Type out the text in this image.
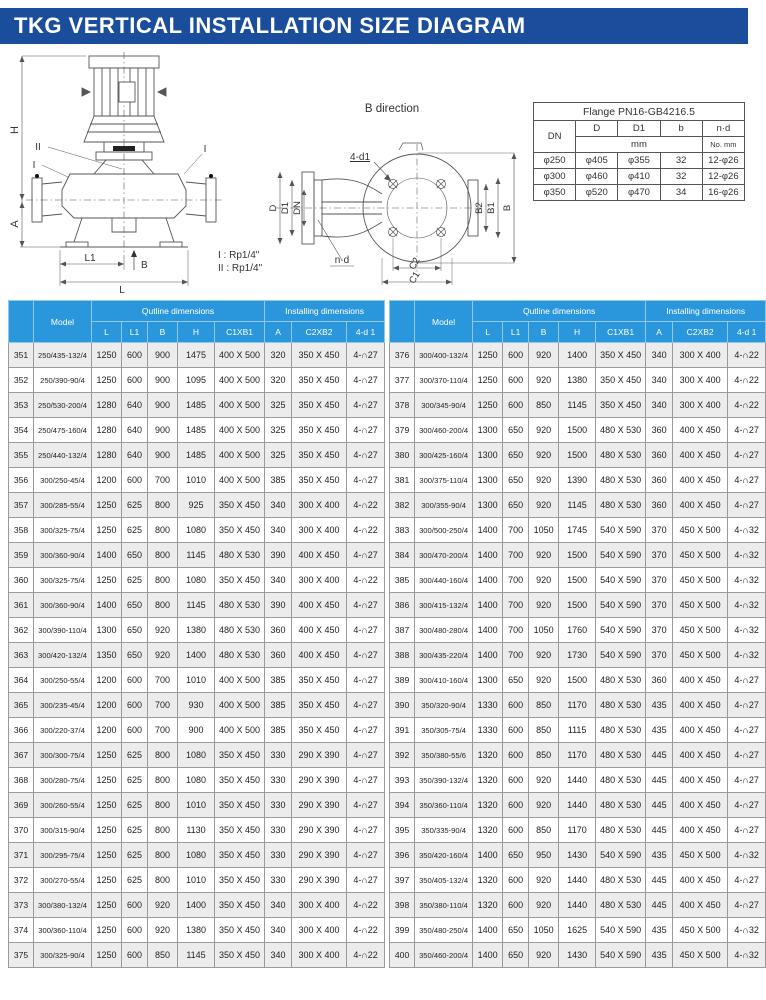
TKG VERTICAL INSTALLATION SIZE DIAGRAM
H
A
L1
L
B
II
I
I
B direction
4-d1
D D1 DN
n·d	C2
C1
B2 B1 B
I : Rp1/4"
II : Rp1/4"
Flange PN16-GB4216.5				
DN	D	D1	b	n·d
	mm			No. mm
φ250	φ405	φ355	32	12-φ26
φ300	φ460	φ410	32	12-φ26
φ350	φ520	φ470	34	16-φ26
	Model	Qutline dimensions					Installing dimensions		
		L	L1	B	H	C1XB1	A	C2XB2	4-d 1
351	250/435-132/4	1250	600	900	1475	400 X 500	320	350 X 450	4-∩27
352	250/390-90/4	1250	600	900	1095	400 X 500	320	350 X 450	4-∩27
353	250/530-200/4	1280	640	900	1485	400 X 500	325	350 X 450	4-∩27
354	250/475-160/4	1280	640	900	1485	400 X 500	325	350 X 450	4-∩27
355	250/440-132/4	1280	640	900	1485	400 X 500	325	350 X 450	4-∩27
356	300/250-45/4	1200	600	700	1010	400 X 500	385	350 X 450	4-∩27
357	300/285-55/4	1250	625	800	925	350 X 450	340	300 X 400	4-∩22
358	300/325-75/4	1250	625	800	1080	350 X 450	340	300 X 400	4-∩22
359	300/360-90/4	1400	650	800	1145	480 X 530	390	400 X 450	4-∩27
360	300/325-75/4	1250	625	800	1080	350 X 450	340	300 X 400	4-∩22
361	300/360-90/4	1400	650	800	1145	480 X 530	390	400 X 450	4-∩27
362	300/390-110/4	1300	650	920	1380	480 X 530	360	400 X 450	4-∩27
363	300/420-132/4	1350	650	920	1400	480 X 530	360	400 X 450	4-∩27
364	300/250-55/4	1200	600	700	1010	400 X 500	385	350 X 450	4-∩27
365	300/235-45/4	1200	600	700	930	400 X 500	385	350 X 450	4-∩27
366	300/220-37/4	1200	600	700	900	400 X 500	385	350 X 450	4-∩27
367	300/300-75/4	1250	625	800	1080	350 X 450	330	290 X 390	4-∩27
368	300/280-75/4	1250	625	800	1080	350 X 450	330	290 X 390	4-∩27
369	300/260-55/4	1250	625	800	1010	350 X 450	330	290 X 390	4-∩27
370	300/315-90/4	1250	625	800	1130	350 X 450	330	290 X 390	4-∩27
371	300/295-75/4	1250	625	800	1080	350 X 450	330	290 X 390	4-∩27
372	300/270-55/4	1250	625	800	1010	350 X 450	330	290 X 390	4-∩27
373	300/380-132/4	1250	600	920	1400	350 X 450	340	300 X 400	4-∩22
374	300/360-110/4	1250	600	920	1380	350 X 450	340	300 X 400	4-∩22
375	300/325-90/4	1250	600	850	1145	350 X 450	340	300 X 400	4-∩22
	Model	Qutline dimensions					Installing dimensions		
		L	L1	B	H	C1XB1	A	C2XB2	4-d 1
376	300/400-132/4	1250	600	920	1400	350 X 450	340	300 X 400	4-∩22
377	300/370-110/4	1250	600	920	1380	350 X 450	340	300 X 400	4-∩22
378	300/345-90/4	1250	600	850	1145	350 X 450	340	300 X 400	4-∩22
379	300/460-200/4	1300	650	920	1500	480 X 530	360	400 X 450	4-∩27
380	300/425-160/4	1300	650	920	1500	480 X 530	360	400 X 450	4-∩27
381	300/375-110/4	1300	650	920	1390	480 X 530	360	400 X 450	4-∩27
382	300/355-90/4	1300	650	920	1145	480 X 530	360	400 X 450	4-∩27
383	300/500-250/4	1400	700	1050	1745	540 X 590	370	450 X 500	4-∩32
384	300/470-200/4	1400	700	920	1500	540 X 590	370	450 X 500	4-∩32
385	300/440-160/4	1400	700	920	1500	540 X 590	370	450 X 500	4-∩32
386	300/415-132/4	1400	700	920	1500	540 X 590	370	450 X 500	4-∩32
387	300/480-280/4	1400	700	1050	1760	540 X 590	370	450 X 500	4-∩32
388	300/435-220/4	1400	700	920	1730	540 X 590	370	450 X 500	4-∩32
389	300/410-160/4	1300	650	920	1500	480 X 530	360	400 X 450	4-∩27
390	350/320-90/4	1330	600	850	1170	480 X 530	435	400 X 450	4-∩27
391	350/305-75/4	1330	600	850	1115	480 X 530	435	400 X 450	4-∩27
392	350/380-55/6	1320	600	850	1170	480 X 530	445	400 X 450	4-∩27
393	350/390-132/4	1320	600	920	1440	480 X 530	445	400 X 450	4-∩27
394	350/360-110/4	1320	600	920	1440	480 X 530	445	400 X 450	4-∩27
395	350/335-90/4	1320	600	850	1170	480 X 530	445	400 X 450	4-∩27
396	350/420-160/4	1400	650	950	1430	540 X 590	435	450 X 500	4-∩32
397	350/405-132/4	1320	600	920	1440	480 X 530	445	400 X 450	4-∩27
398	350/380-110/4	1320	600	920	1440	480 X 530	445	400 X 450	4-∩27
399	350/480-250/4	1400	650	1050	1625	540 X 590	435	450 X 500	4-∩32
400	350/460-200/4	1400	650	920	1430	540 X 590	435	450 X 500	4-∩32
